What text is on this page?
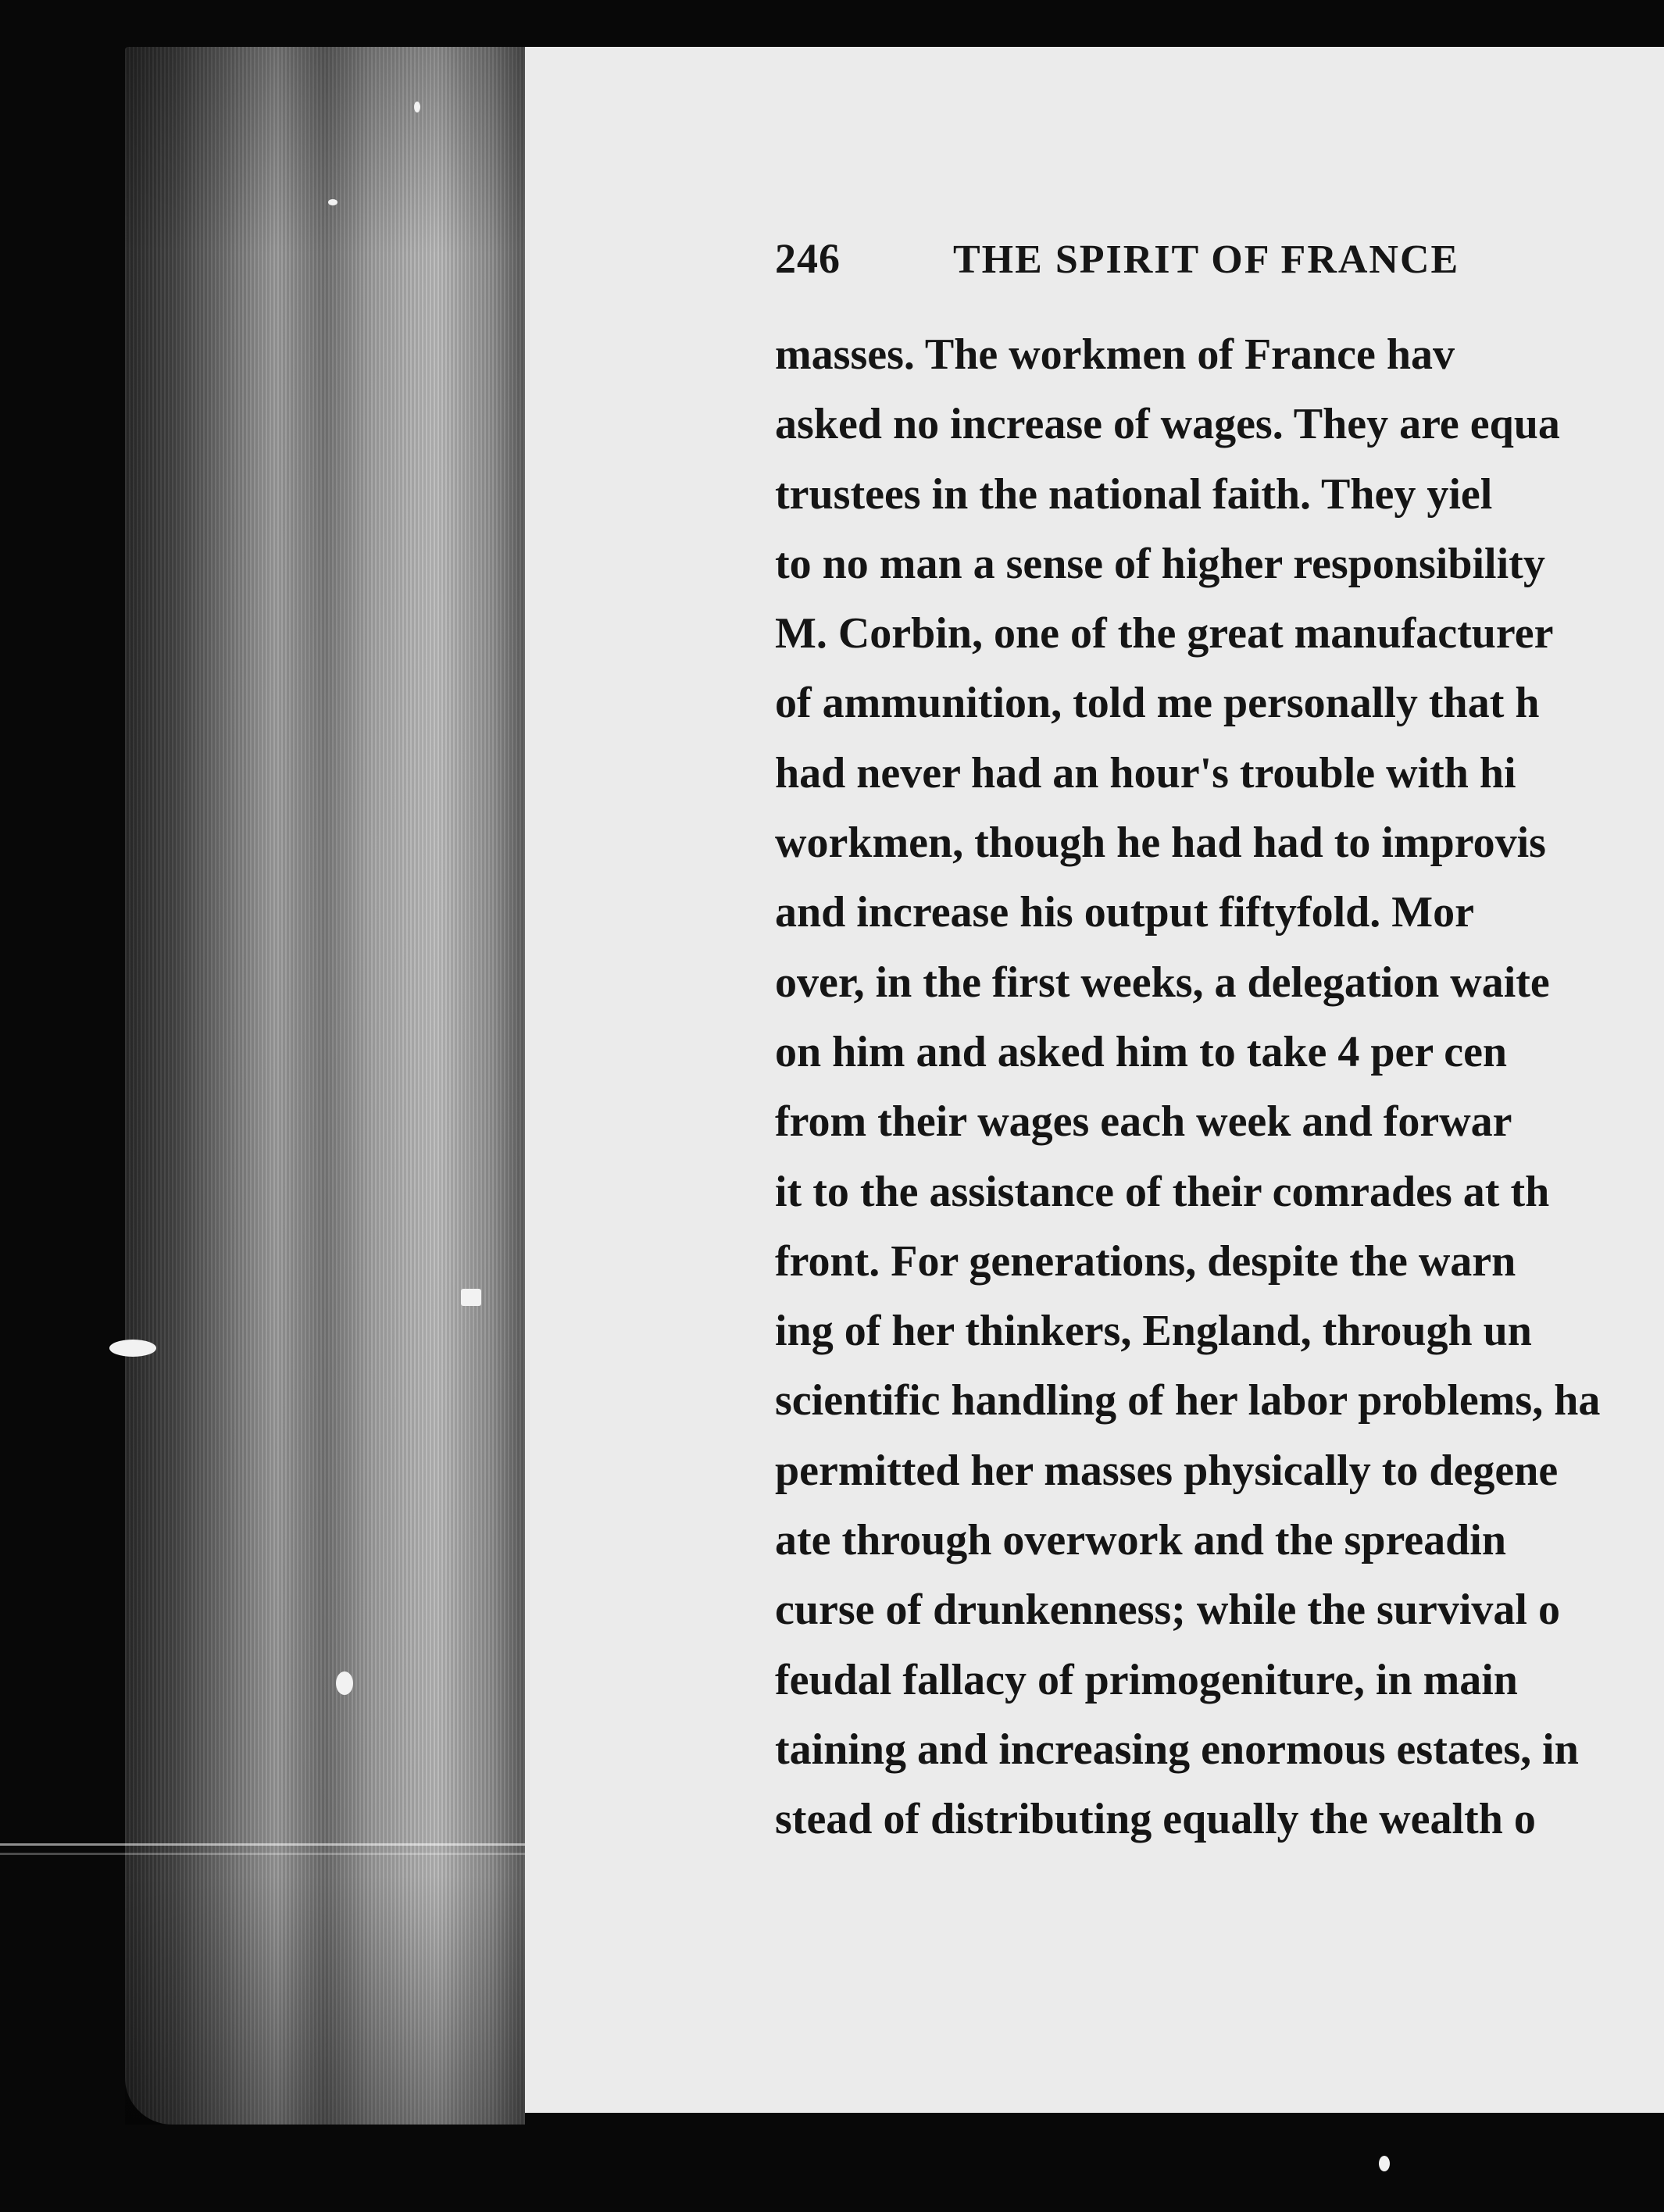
246	THE SPIRIT OF FRANCE
masses. The workmen of France hav
asked no increase of wages. They are equa
trustees in the national faith. They yiel
to no man a sense of higher responsibility
M. Corbin, one of the great manufacturer
of ammunition, told me personally that h
had never had an hour's trouble with hi
workmen, though he had had to improvis
and increase his output fiftyfold. Mor
over, in the first weeks, a delegation waite
on him and asked him to take 4 per cen
from their wages each week and forwar
it to the assistance of their comrades at th
front. For generations, despite the warn
ing of her thinkers, England, through un
scientific handling of her labor problems, ha
permitted her masses physically to degene
ate through overwork and the spreadin
curse of drunkenness; while the survival o
feudal fallacy of primogeniture, in main
taining and increasing enormous estates, in
stead of distributing equally the wealth o
